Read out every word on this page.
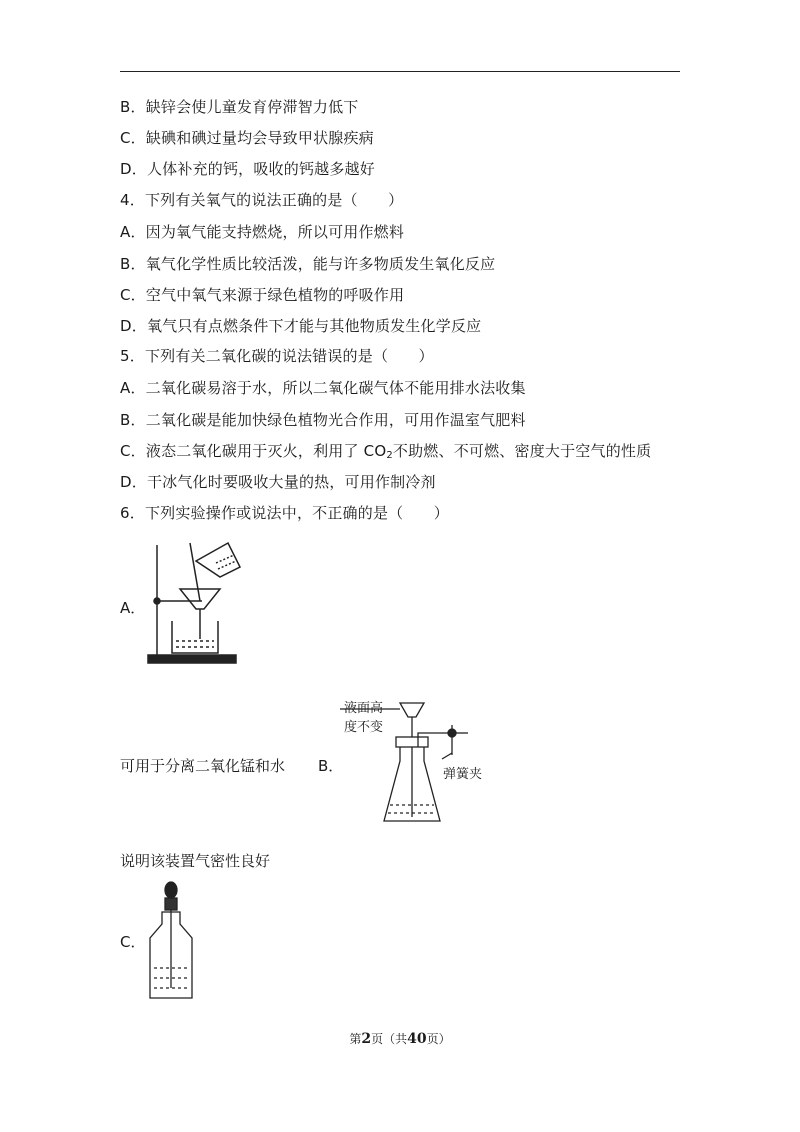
B．缺锌会使儿童发育停滞智力低下
C．缺碘和碘过量均会导致甲状腺疾病
D．人体补充的钙，吸收的钙越多越好
4．下列有关氧气的说法正确的是（　　）
A．因为氧气能支持燃烧，所以可用作燃料
B．氧气化学性质比较活泼，能与许多物质发生氧化反应
C．空气中氧气来源于绿色植物的呼吸作用
D．氧气只有点燃条件下才能与其他物质发生化学反应
5．下列有关二氧化碳的说法错误的是（　　）
A．二氧化碳易溶于水，所以二氧化碳气体不能用排水法收集
B．二氧化碳是能加快绿色植物光合作用，可用作温室气肥料
C．液态二氧化碳用于灭火，利用了 $CO_2$不助燃、不可燃、密度大于空气的性质
D．干冰气化时要吸收大量的热，可用作制冷剂
6．下列实验操作或说法中，不正确的是（　　）
A．
可用于分离二氧化锰和水 B．
液面高
度不变
弹簧夹
说明该装置气密性良好
C．
第2页（共40页）
